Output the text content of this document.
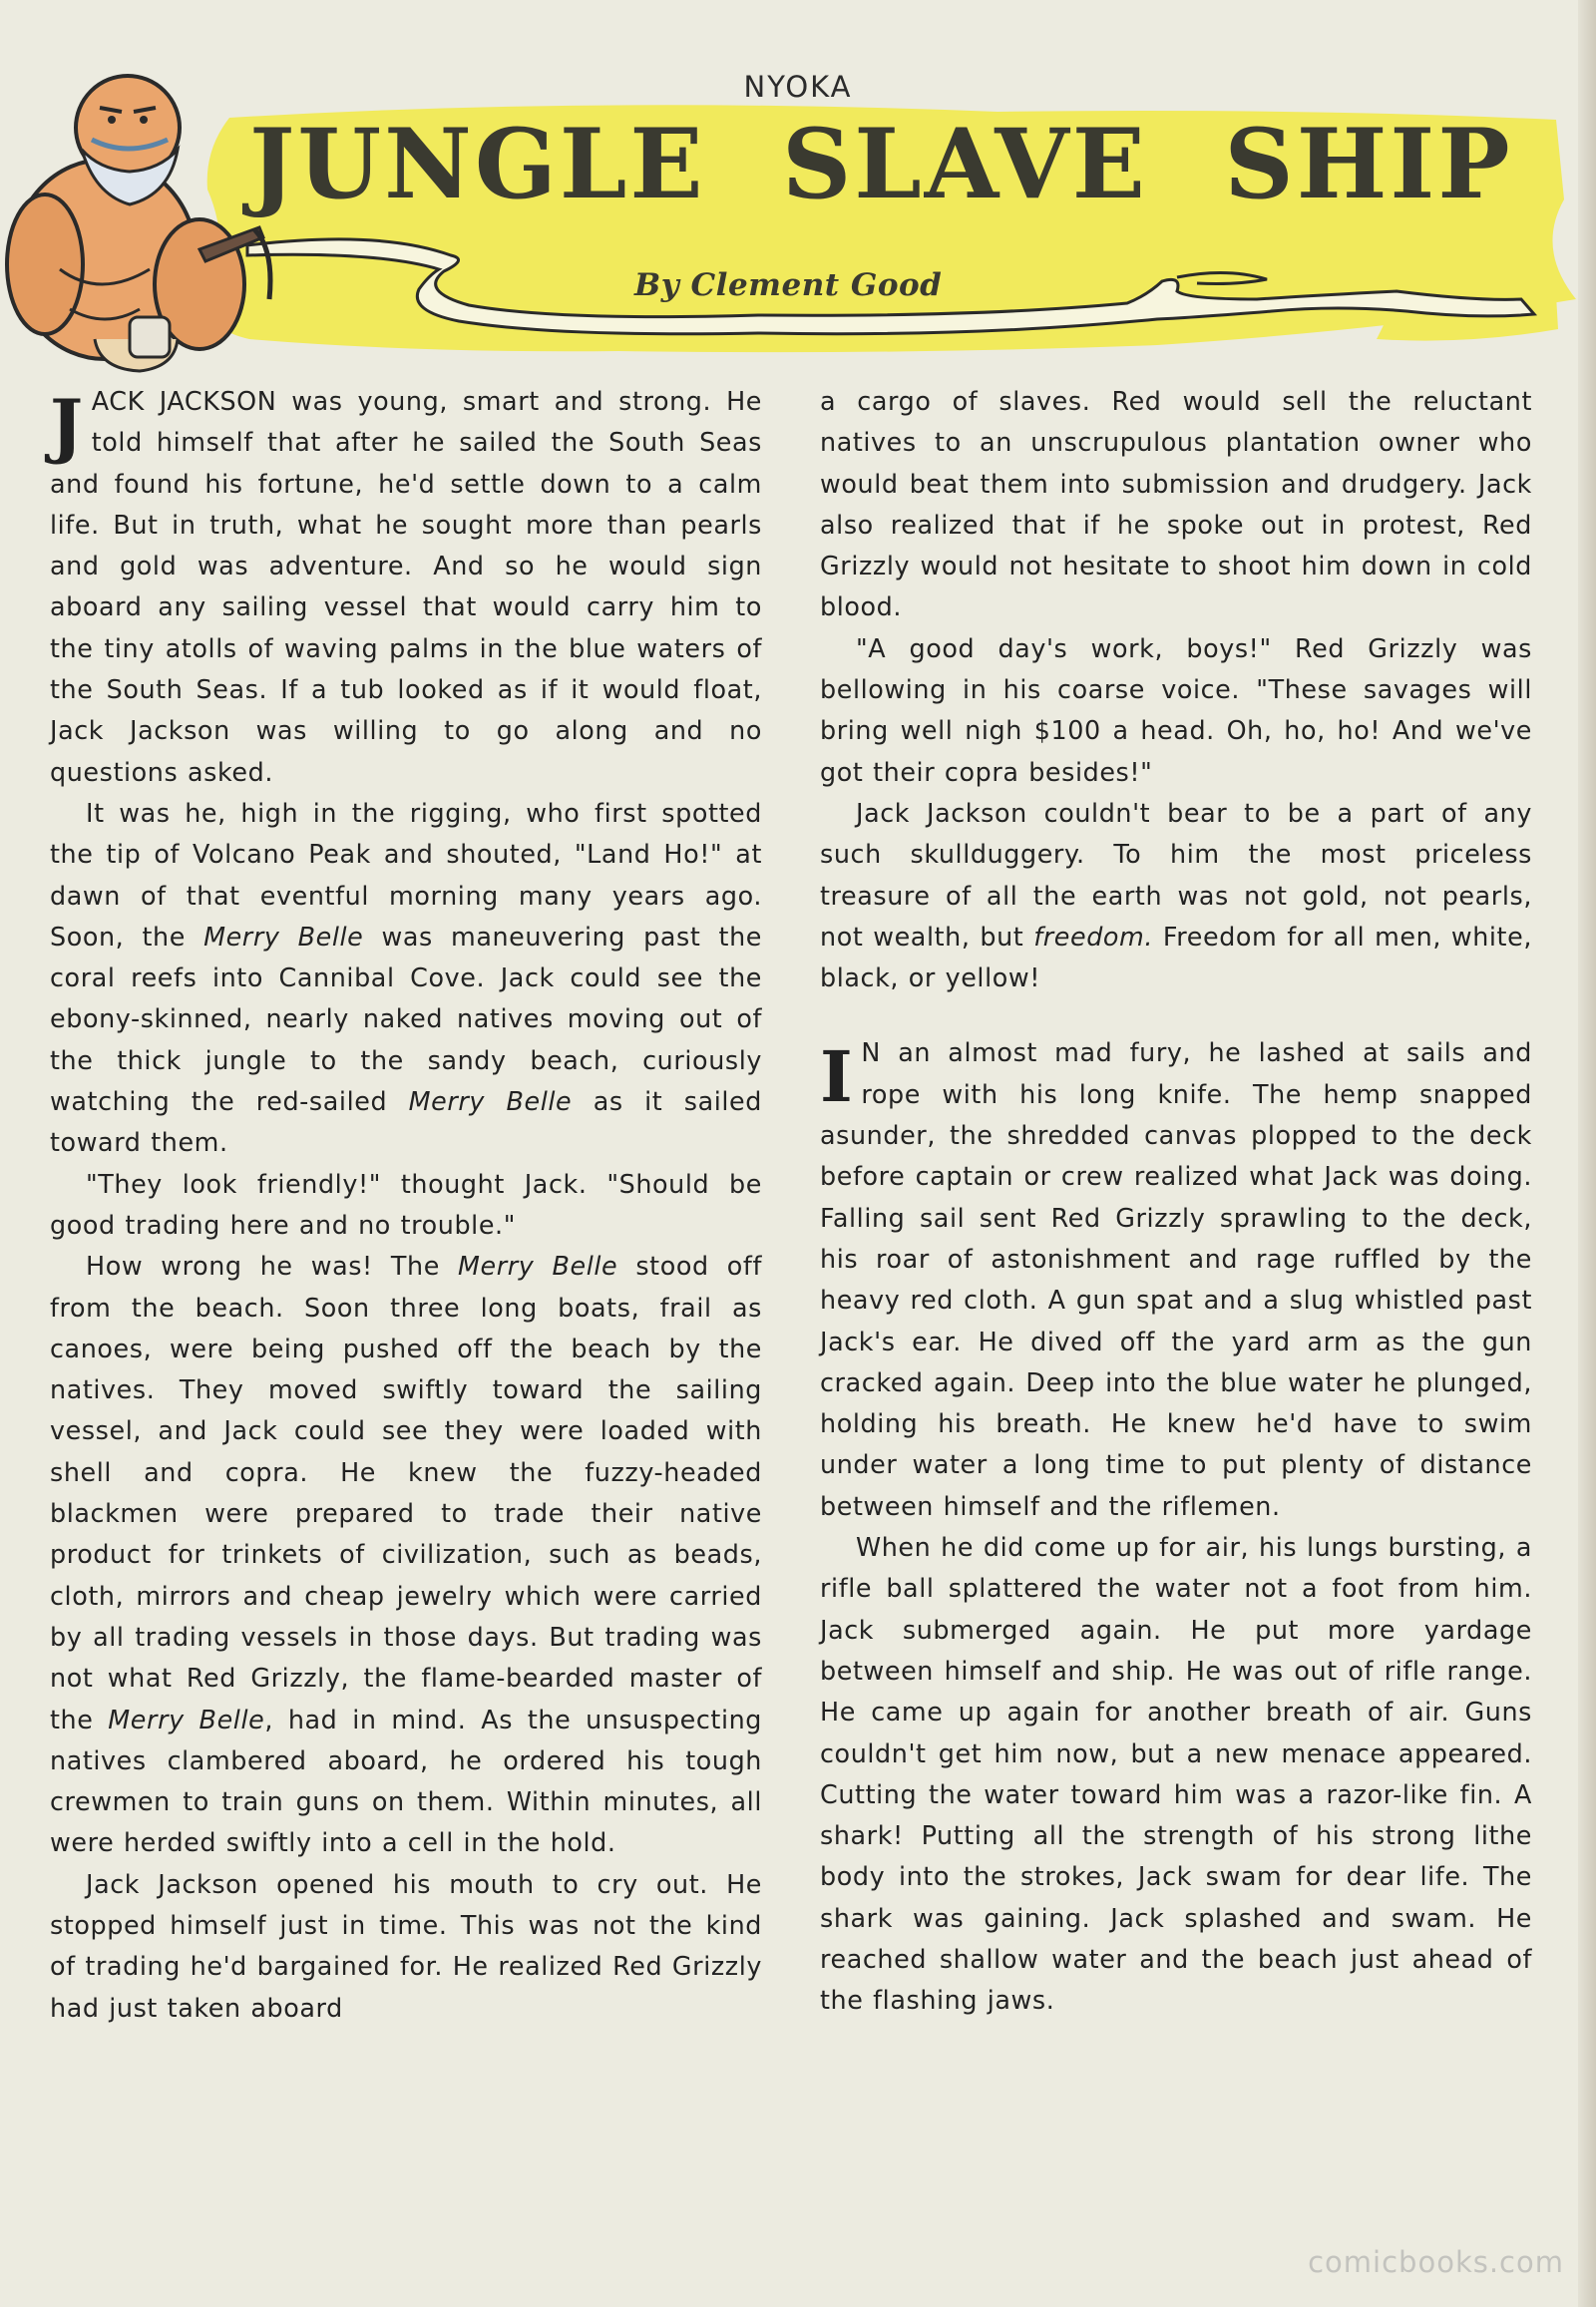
NYOKA
JUNGLE SLAVE SHIP
By Clement Good

JACK JACKSON was young, smart and strong. He told himself that after he sailed the South Seas and found his fortune, he'd settle down to a calm life. But in truth, what he sought more than pearls and gold was adventure. And so he would sign aboard any sailing vessel that would carry him to the tiny atolls of waving palms in the blue waters of the South Seas. If a tub looked as if it would float, Jack Jackson was willing to go along and no questions asked.

It was he, high in the rigging, who first spotted the tip of Volcano Peak and shouted, "Land Ho!" at dawn of that eventful morning many years ago. Soon, the Merry Belle was maneuvering past the coral reefs into Cannibal Cove. Jack could see the ebony-skinned, nearly naked natives moving out of the thick jungle to the sandy beach, curiously watching the red-sailed Merry Belle as it sailed toward them.

"They look friendly!" thought Jack. "Should be good trading here and no trouble."

How wrong he was! The Merry Belle stood off from the beach. Soon three long boats, frail as canoes, were being pushed off the beach by the natives. They moved swiftly toward the sailing vessel, and Jack could see they were loaded with shell and copra. He knew the fuzzy-headed blackmen were prepared to trade their native product for trinkets of civilization, such as beads, cloth, mirrors and cheap jewelry which were carried by all trading vessels in those days. But trading was not what Red Grizzly, the flame-bearded master of the Merry Belle, had in mind. As the unsuspecting natives clambered aboard, he ordered his tough crewmen to train guns on them. Within minutes, all were herded swiftly into a cell in the hold.

Jack Jackson opened his mouth to cry out. He stopped himself just in time. This was not the kind of trading he'd bargained for. He realized Red Grizzly had just taken aboard

a cargo of slaves. Red would sell the reluctant natives to an unscrupulous plantation owner who would beat them into submission and drudgery. Jack also realized that if he spoke out in protest, Red Grizzly would not hesitate to shoot him down in cold blood.

"A good day's work, boys!" Red Grizzly was bellowing in his coarse voice. "These savages will bring well nigh $100 a head. Oh, ho, ho! And we've got their copra besides!"

Jack Jackson couldn't bear to be a part of any such skullduggery. To him the most priceless treasure of all the earth was not gold, not pearls, not wealth, but freedom. Freedom for all men, white, black, or yellow!

I N an almost mad fury, he lashed at sails and rope with his long knife. The hemp snapped asunder, the shredded canvas plopped to the deck before captain or crew realized what Jack was doing. Falling sail sent Red Grizzly sprawling to the deck, his roar of astonishment and rage ruffled by the heavy red cloth. A gun spat and a slug whistled past Jack's ear. He dived off the yard arm as the gun cracked again. Deep into the blue water he plunged, holding his breath. He knew he'd have to swim under water a long time to put plenty of distance between himself and the riflemen.

When he did come up for air, his lungs bursting, a rifle ball splattered the water not a foot from him. Jack submerged again. He put more yardage between himself and ship. He was out of rifle range. He came up again for another breath of air. Guns couldn't get him now, but a new menace appeared. Cutting the water toward him was a razor-like fin. A shark! Putting all the strength of his strong lithe body into the strokes, Jack swam for dear life. The shark was gaining. Jack splashed and swam. He reached shallow water and the beach just ahead of the flashing jaws.

comicbooks.com
